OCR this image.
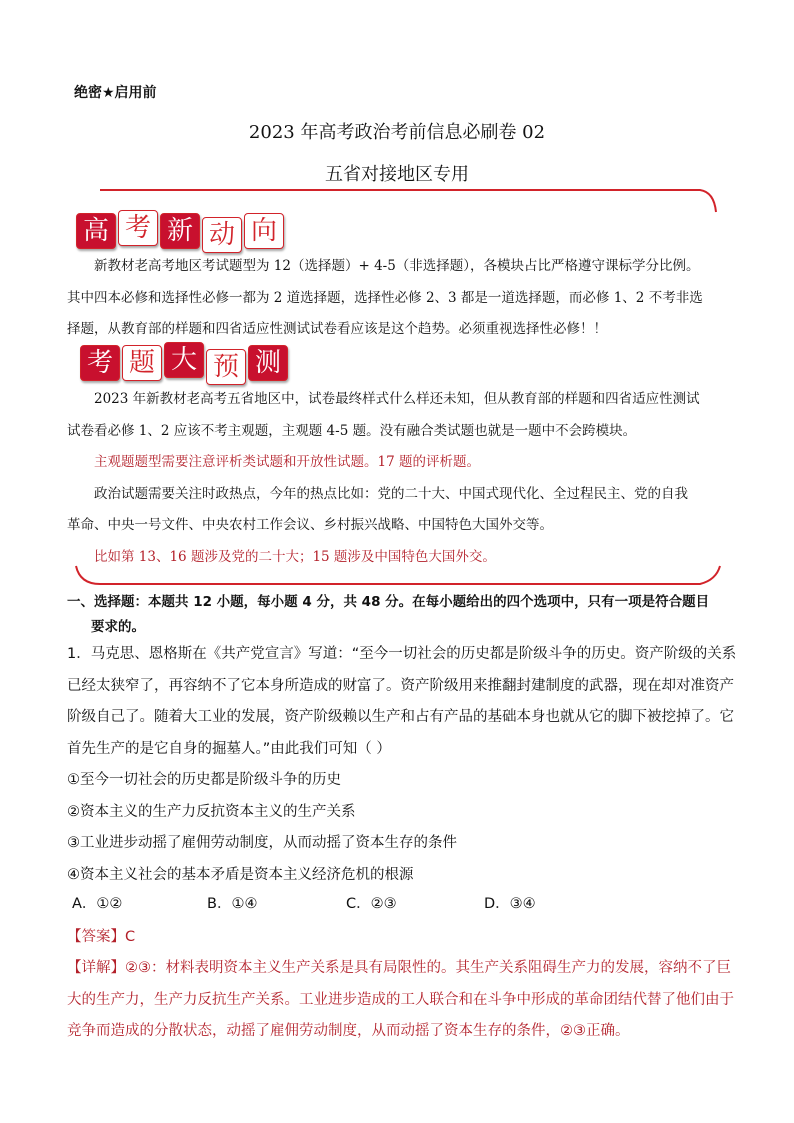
绝密★启用前
2023 年高考政治考前信息必刷卷 02
五省对接地区专用
高 考 新 动 向
新教材老高考地区考试题型为 12（选择题）+ 4-5（非选择题），各模块占比严格遵守课标学分比例。
其中四本必修和选择性必修一都为 2 道选择题，选择性必修 2、3 都是一道选择题，而必修 1、2 不考非选
择题，从教育部的样题和四省适应性测试试卷看应该是这个趋势。必须重视选择性必修！！
考 题 大 预 测
2023 年新教材老高考五省地区中，试卷最终样式什么样还未知，但从教育部的样题和四省适应性测试
试卷看必修 1、2 应该不考主观题，主观题 4-5 题。没有融合类试题也就是一题中不会跨模块。
主观题题型需要注意评析类试题和开放性试题。17 题的评析题。
政治试题需要关注时政热点，今年的热点比如：党的二十大、中国式现代化、全过程民主、党的自我
革命、中央一号文件、中央农村工作会议、乡村振兴战略、中国特色大国外交等。
比如第 13、16 题涉及党的二十大；15 题涉及中国特色大国外交。
一、选择题：本题共 12 小题，每小题 4 分，共 48 分。在每小题给出的四个选项中，只有一项是符合题目
要求的。
1．马克思、恩格斯在《共产党宣言》写道：“至今一切社会的历史都是阶级斗争的历史。资产阶级的关系
已经太狭窄了，再容纳不了它本身所造成的财富了。资产阶级用来推翻封建制度的武器，现在却对准资产
阶级自己了。随着大工业的发展，资产阶级赖以生产和占有产品的基础本身也就从它的脚下被挖掉了。它
首先生产的是它自身的掘墓人。”由此我们可知（ ）
①至今一切社会的历史都是阶级斗争的历史
②资本主义的生产力反抗资本主义的生产关系
③工业进步动摇了雇佣劳动制度，从而动摇了资本生存的条件
④资本主义社会的基本矛盾是资本主义经济危机的根源
A．①②	B．①④	C．②③	D．③④
【答案】C
【详解】②③：材料表明资本主义生产关系是具有局限性的。其生产关系阻碍生产力的发展，容纳不了巨
大的生产力，生产力反抗生产关系。工业进步造成的工人联合和在斗争中形成的革命团结代替了他们由于
竞争而造成的分散状态，动摇了雇佣劳动制度，从而动摇了资本生存的条件，②③正确。
